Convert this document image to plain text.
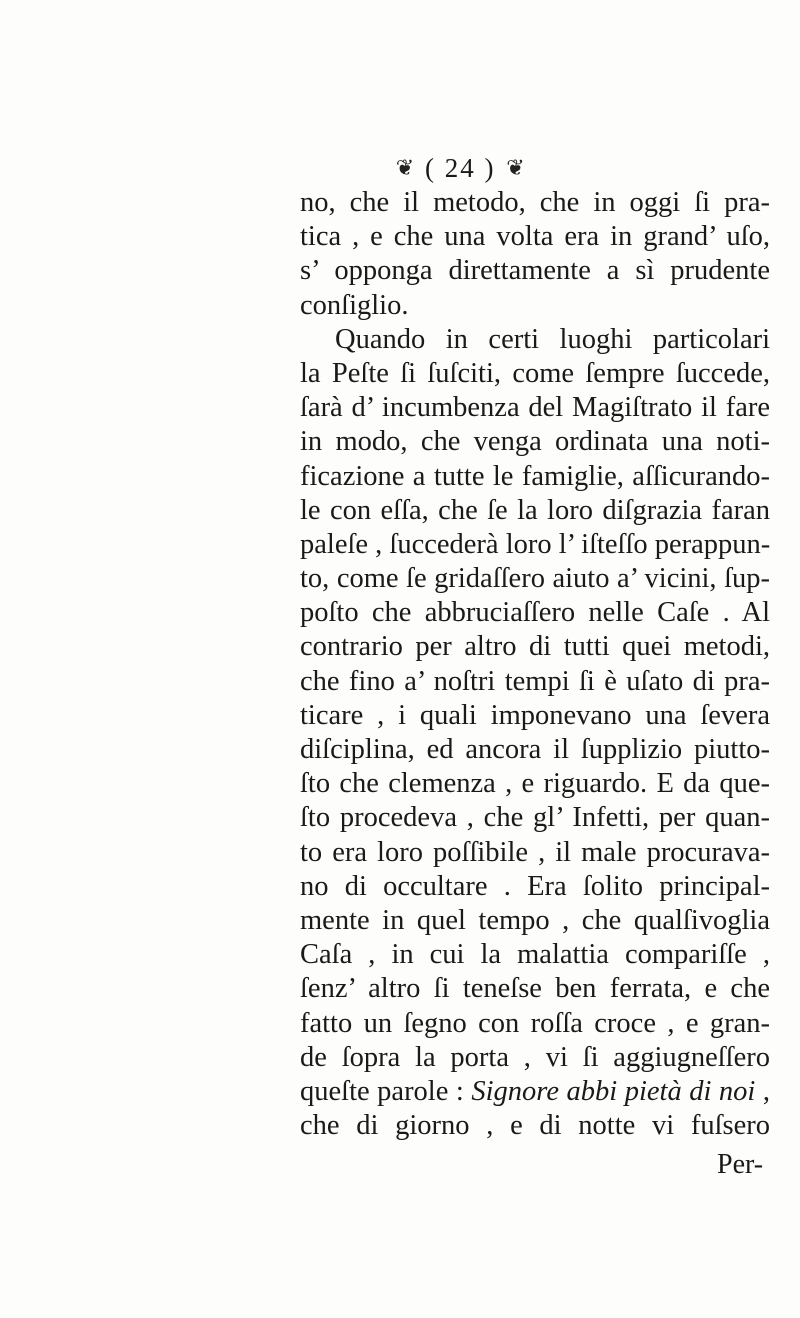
❦ ( 24 ) ❦
no, che il metodo, che in oggi ſi pra-
tica , e che una volta era in grand’ uſo,
s’ opponga direttamente a sì prudente
conſiglio.
Quando in certi luoghi particolari
la Peſte ſi ſuſciti, come ſempre ſuccede,
ſarà d’ incumbenza del Magiſtrato il fare
in modo, che venga ordinata una noti-
ficazione a tutte le famiglie, aſſicurando-
le con eſſa, che ſe la loro diſgrazia faran
paleſe , ſuccederà loro l’ iſteſſo perappun-
to, come ſe gridaſſero aiuto a’ vicini, ſup-
poſto che abbruciaſſero nelle Caſe . Al
contrario per altro di tutti quei metodi,
che fino a’ noſtri tempi ſi è uſato di pra-
ticare , i quali imponevano una ſevera
diſciplina, ed ancora il ſupplizio piutto-
ſto che clemenza , e riguardo. E da que-
ſto procedeva , che gl’ Infetti, per quan-
to era loro poſſibile , il male procurava-
no di occultare . Era ſolito principal-
mente in quel tempo , che qualſivoglia
Caſa , in cui la malattia compariſſe ,
ſenz’ altro ſi teneſse ben ferrata, e che
fatto un ſegno con roſſa croce , e gran-
de ſopra la porta , vi ſi aggiugneſſero
queſte parole : Signore abbi pietà di noi ,
che di giorno , e di notte vi fuſsero
Per-
